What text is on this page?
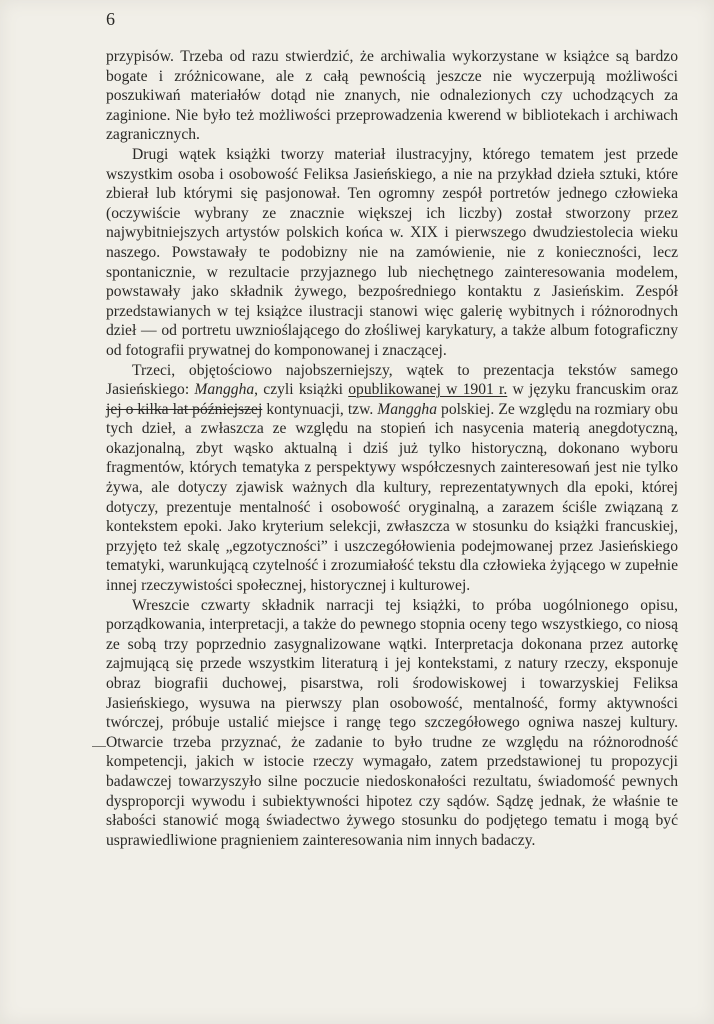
6

przypisów. Trzeba od razu stwierdzić, że archiwalia wykorzystane w książce są bardzo bogate i zróżnicowane, ale z całą pewnością jeszcze nie wyczerpują możliwości poszukiwań materiałów dotąd nie znanych, nie odnalezionych czy uchodzących za zaginione. Nie było też możliwości przeprowadzenia kwerend w bibliotekach i archiwach zagranicznych.

Drugi wątek książki tworzy materiał ilustracyjny, którego tematem jest przede wszystkim osoba i osobowość Feliksa Jasieńskiego, a nie na przykład dzieła sztuki, które zbierał lub którymi się pasjonował. Ten ogromny zespół portretów jednego człowieka (oczywiście wybrany ze znacznie większej ich liczby) został stworzony przez najwybitniejszych artystów polskich końca w. XIX i pierwszego dwudziestolecia wieku naszego. Powstawały te podobizny nie na zamówienie, nie z konieczności, lecz spontanicznie, w rezultacie przyjaznego lub niechętnego zainteresowania modelem, powstawały jako składnik żywego, bezpośredniego kontaktu z Jasieńskim. Zespół przedstawianych w tej książce ilustracji stanowi więc galerię wybitnych i różnorodnych dzieł — od portretu uwznioślającego do złośliwej karykatury, a także album fotograficzny od fotografii prywatnej do komponowanej i znaczącej.

Trzeci, objętościowo najobszerniejszy, wątek to prezentacja tekstów samego Jasieńskiego: Manggha, czyli książki opublikowanej w 1901 r. w języku francuskim oraz jej o kilka lat późniejszej kontynuacji, tzw. Manggha polskiej. Ze względu na rozmiary obu tych dzieł, a zwłaszcza ze względu na stopień ich nasycenia materią anegdotyczną, okazjonalną, zbyt wąsko aktualną i dziś już tylko historyczną, dokonano wyboru fragmentów, których tematyka z perspektywy współczesnych zainteresowań jest nie tylko żywa, ale dotyczy zjawisk ważnych dla kultury, reprezentatywnych dla epoki, której dotyczy, prezentuje mentalność i osobowość oryginalną, a zarazem ściśle związaną z kontekstem epoki. Jako kryterium selekcji, zwłaszcza w stosunku do książki francuskiej, przyjęto też skalę „egzotyczności” i uszczegółowienia podejmowanej przez Jasieńskiego tematyki, warunkującą czytelność i zrozumiałość tekstu dla człowieka żyjącego w zupełnie innej rzeczywistości społecznej, historycznej i kulturowej.

Wreszcie czwarty składnik narracji tej książki, to próba uogólnionego opisu, porządkowania, interpretacji, a także do pewnego stopnia oceny tego wszystkiego, co niosą ze sobą trzy poprzednio zasygnalizowane wątki. Interpretacja dokonana przez autorkę zajmującą się przede wszystkim literaturą i jej kontekstami, z natury rzeczy, eksponuje obraz biografii duchowej, pisarstwa, roli środowiskowej i towarzyskiej Feliksa Jasieńskiego, wysuwa na pierwszy plan osobowość, mentalność, formy aktywności twórczej, próbuje ustalić miejsce i rangę tego szczegółowego ogniwa naszej kultury. Otwarcie trzeba przyznać, że zadanie to było trudne ze względu na różnorodność kompetencji, jakich w istocie rzeczy wymagało, zatem przedstawionej tu propozycji badawczej towarzyszyło silne poczucie niedoskonałości rezultatu, świadomość pewnych dysproporcji wywodu i subiektywności hipotez czy sądów. Sądzę jednak, że właśnie te słabości stanowić mogą świadectwo żywego stosunku do podjętego tematu i mogą być usprawiedliwione pragnieniem zainteresowania nim innych badaczy.
